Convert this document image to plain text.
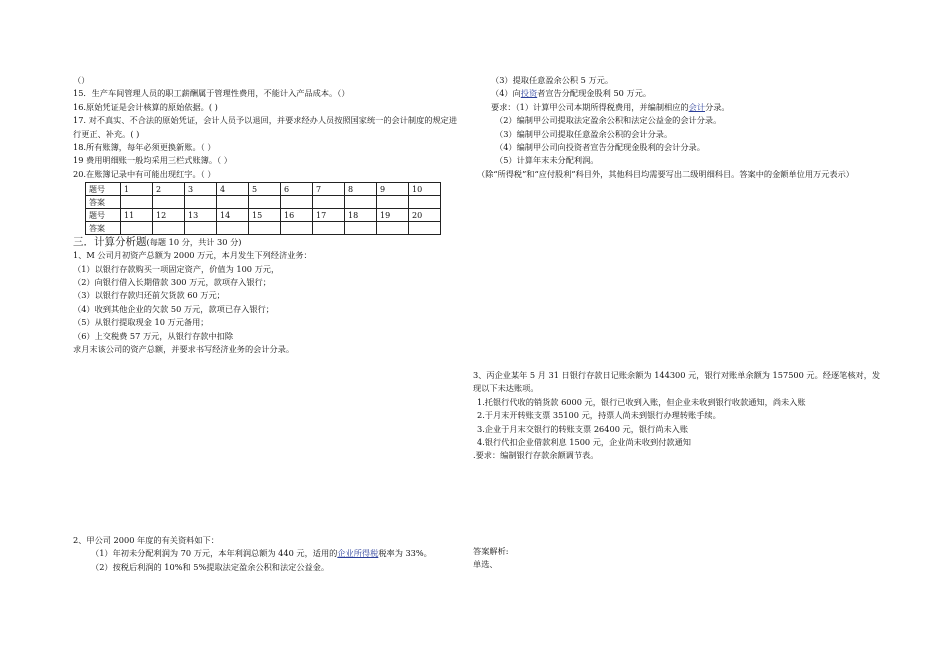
（）
15．生产车间管理人员的职工薪酬属于管理性费用，不能计入产品成本。（）
16.原始凭证是会计核算的原始依据。( )
17. 对不真实、不合法的原始凭证，会计人员予以退回，并要求经办人员按照国家统一的会计制度的规定进行更正、补充。( )
18.所有账簿，每年必须更换新账。（ ）
19 费用明细账一般均采用三栏式账簿。（ ）
20.在账簿记录中有可能出现红字。（ ）
题号	1	2	3	4	5	6	7	8	9	10
答案										
题号	11	12	13	14	15	16	17	18	19	20
答案										
三．计算分析题(每题 10 分，共计 30 分)
1、M 公司月初资产总额为 2000 万元，本月发生下列经济业务：
（1）以银行存款购买一项固定资产，价值为 100 万元，
（2）向银行借入长期借款 300 万元，款项存入银行；
（3）以银行存款归还前欠货款 60 万元；
（4）收到其他企业的欠款 50 万元，款项已存入银行；
（5）从银行提取现金 10 万元备用；
（6）上交税费 57 万元，从银行存款中扣除
求月末该公司的资产总额，并要求书写经济业务的会计分录。
2、甲公司 2000 年度的有关资料如下：
（1）年初未分配利润为 70 万元，本年利润总额为 440 元，适用的企业所得税税率为 33%。
（2）按税后利润的 10%和 5%提取法定盈余公积和法定公益金。
（3）提取任意盈余公积 5 万元。
（4）向投资者宣告分配现金股利 50 万元。
要求：（1）计算甲公司本期所得税费用，并编制相应的会计分录。
（2）编制甲公司提取法定盈余公积和法定公益金的会计分录。
（3）编制甲公司提取任意盈余公积的会计分录。
（4）编制甲公司向投资者宣告分配现金股利的会计分录。
（5）计算年末未分配利润。
（除“所得税”和“应付股利”科目外，其他科目均需要写出二级明细科目。答案中的金额单位用万元表示）
3、丙企业某年 5 月 31 日银行存款日记账余额为 144300 元，银行对账单余额为 157500 元。经逐笔核对，发现以下未达账项。
1.托银行代收的销货款 6000 元，银行已收到入账，但企业未收到银行收款通知，尚未入账
2.于月末开转账支票 35100 元，持票人尚未到银行办理转账手续。
3.企业于月末交银行的转账支票 26400 元，银行尚未入账
4.银行代扣企业借款利息 1500 元，企业尚未收到付款通知
.要求：编制银行存款余额调节表。
答案解析:
单选、
